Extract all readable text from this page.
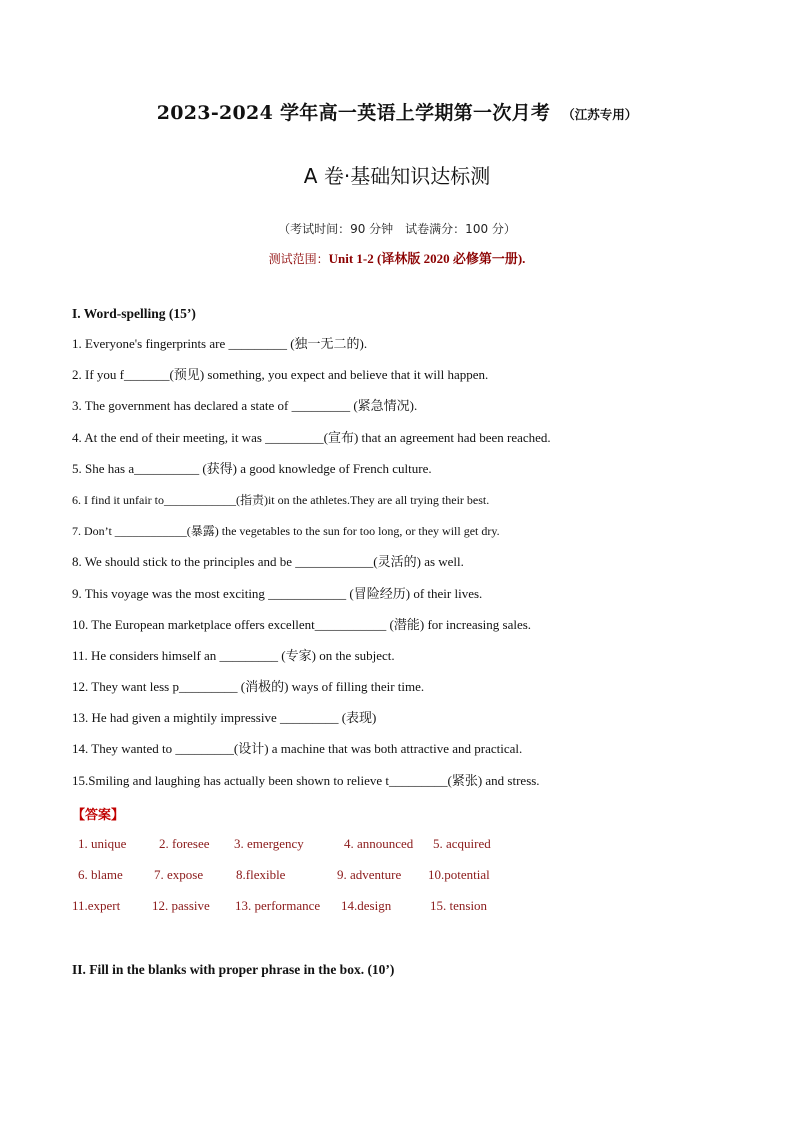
2023-2024 学年高一英语上学期第一次月考 （江苏专用）
A 卷·基础知识达标测
（考试时间：90 分钟　试卷满分：100 分）
测试范围：Unit 1-2 (译林版 2020 必修第一册).
I. Word-spelling (15’)
1. Everyone's fingerprints are _________ (独一无二的).
2. If you f_______(预见) something, you expect and believe that it will happen.
3. The government has declared a state of _________ (紧急情况).
4. At the end of their meeting, it was _________(宣布) that an agreement had been reached.
5. She has a__________ (获得) a good knowledge of French culture.
6. I find it unfair to____________(指责)it on the athletes.They are all trying their best.
7. Don’t ____________(暴露) the vegetables to the sun for too long, or they will get dry.
8. We should stick to the principles and be ____________(灵活的) as well.
9. This voyage was the most exciting ____________ (冒险经历) of their lives.
10. The European marketplace offers excellent___________ (潜能) for increasing sales.
11. He considers himself an _________ (专家) on the subject.
12. They want less p_________ (消极的) ways of filling their time.
13. He had given a mightily impressive _________ (表现)
14. They wanted to _________(设计) a machine that was both attractive and practical.
15.Smiling and laughing has actually been shown to relieve t_________(紧张) and stress.
【答案】
1. unique	2. foresee 3. emergency	4. announced 5. acquired
6. blame 7. expose	8.flexible	9. adventure 10.potential
11.expert 12. passive 13. performance 14.design	15. tension
II. Fill in the blanks with proper phrase in the box. (10’)
